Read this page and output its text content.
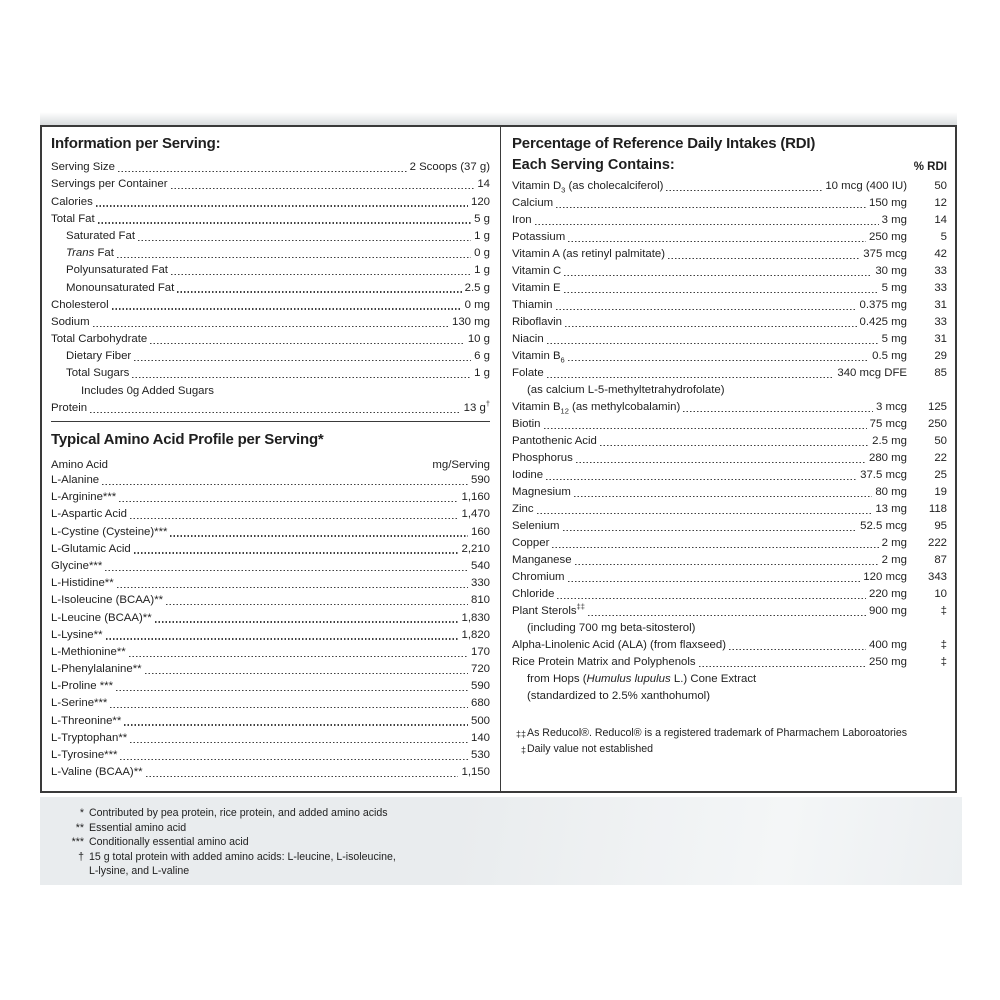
Information per Serving:
Serving Size	2 Scoops (37 g)
Servings per Container	14
Calories	120
Total Fat	5 g
Saturated Fat	1 g
Trans Fat	0 g
Polyunsaturated Fat	1 g
Monounsaturated Fat	2.5 g
Cholesterol	0 mg
Sodium	130 mg
Total Carbohydrate	10 g
Dietary Fiber	6 g
Total Sugars	1 g
Includes 0g Added Sugars
Protein	13 g†
Typical Amino Acid Profile per Serving*
Amino Acid	mg/Serving
L-Alanine	590
L-Arginine***	1,160
L-Aspartic Acid	1,470
L-Cystine (Cysteine)***	160
L-Glutamic Acid	2,210
Glycine***	540
L-Histidine**	330
L-Isoleucine (BCAA)**	810
L-Leucine (BCAA)**	1,830
L-Lysine**	1,820
L-Methionine**	170
L-Phenylalanine**	720
L-Proline ***	590
L-Serine***	680
L-Threonine**	500
L-Tryptophan**	140
L-Tyrosine***	530
L-Valine (BCAA)**	1,150
Percentage of Reference Daily Intakes (RDI)
Each Serving Contains:	% RDI
Vitamin $D_3$ (as cholecalciferol)	10 mcg (400 IU)	50
Calcium	150 mg	12
Iron	3 mg	14
Potassium	250 mg	5
Vitamin A (as retinyl palmitate)	375 mcg	42
Vitamin C	30 mg	33
Vitamin E	5 mg	33
Thiamin	0.375 mg	31
Riboflavin	0.425 mg	33
Niacin	5 mg	31
Vitamin $B_6$	0.5 mg	29
Folate	340 mcg DFE	85
(as calcium L-5-methyltetrahydrofolate)
Vitamin $B_{12}$ (as methylcobalamin)	3 mcg	125
Biotin	75 mcg	250
Pantothenic Acid	2.5 mg	50
Phosphorus	280 mg	22
Iodine	37.5 mcg	25
Magnesium	80 mg	19
Zinc	13 mg	118
Selenium	52.5 mcg	95
Copper	2 mg	222
Manganese	2 mg	87
Chromium	120 mcg	343
Chloride	220 mg	10
Plant Sterols‡‡	900 mg	‡
(including 700 mg beta-sitosterol)
Alpha-Linolenic Acid (ALA) (from flaxseed)	400 mg	‡
Rice Protein Matrix and Polyphenols	250 mg	‡
from Hops (Humulus lupulus L.) Cone Extract
(standardized to 2.5% xanthohumol)
‡‡ As Reducol®. Reducol® is a registered trademark of Pharmachem Laboroatories
‡ Daily value not established
* Contributed by pea protein, rice protein, and added amino acids
** Essential amino acid
*** Conditionally essential amino acid
† 15 g total protein with added amino acids: L-leucine, L-isoleucine,
L-lysine, and L-valine
